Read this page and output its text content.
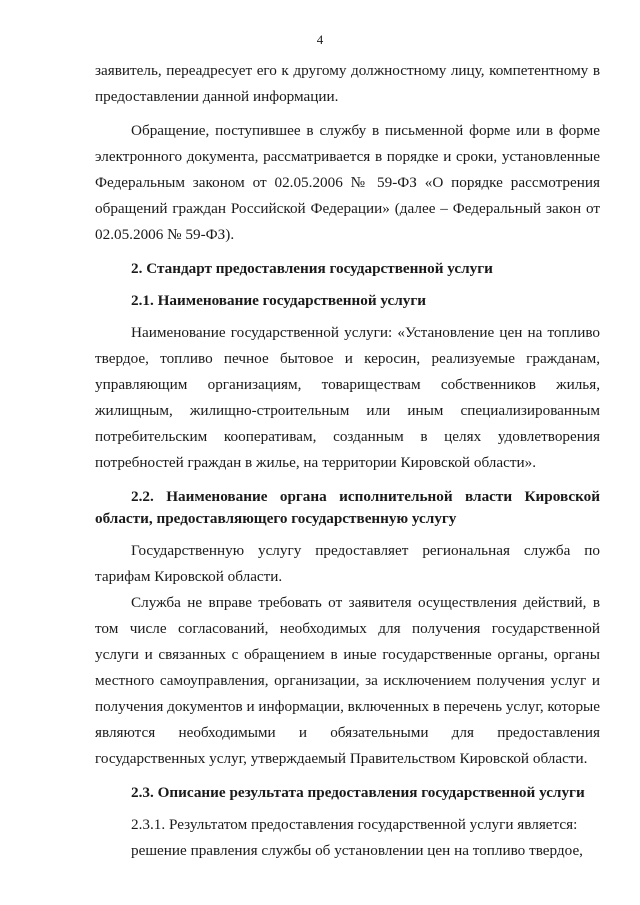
4

заявитель, переадресует его к другому должностному лицу, компетентному в предоставлении данной информации.

Обращение, поступившее в службу в письменной форме или в форме электронного документа, рассматривается в порядке и сроки, установленные Федеральным законом от 02.05.2006 № 59-ФЗ «О порядке рассмотрения обращений граждан Российской Федерации» (далее – Федеральный закон от 02.05.2006 № 59-ФЗ).

2. Стандарт предоставления государственной услуги
2.1. Наименование государственной услуги

Наименование государственной услуги: «Установление цен на топливо твердое, топливо печное бытовое и керосин, реализуемые гражданам, управляющим организациям, товариществам собственников жилья, жилищным, жилищно-строительным или иным специализированным потребительским кооперативам, созданным в целях удовлетворения потребностей граждан в жилье, на территории Кировской области».

2.2. Наименование органа исполнительной власти Кировской области, предоставляющего государственную услугу

Государственную услугу предоставляет региональная служба по тарифам Кировской области.

Служба не вправе требовать от заявителя осуществления действий, в том числе согласований, необходимых для получения государственной услуги и связанных с обращением в иные государственные органы, органы местного самоуправления, организации, за исключением получения услуг и получения документов и информации, включенных в перечень услуг, которые являются необходимыми и обязательными для предоставления государственных услуг, утверждаемый Правительством Кировской области.

2.3. Описание результата предоставления государственной услуги

2.3.1. Результатом предоставления государственной услуги является:

решение правления службы об установлении цен на топливо твердое,
